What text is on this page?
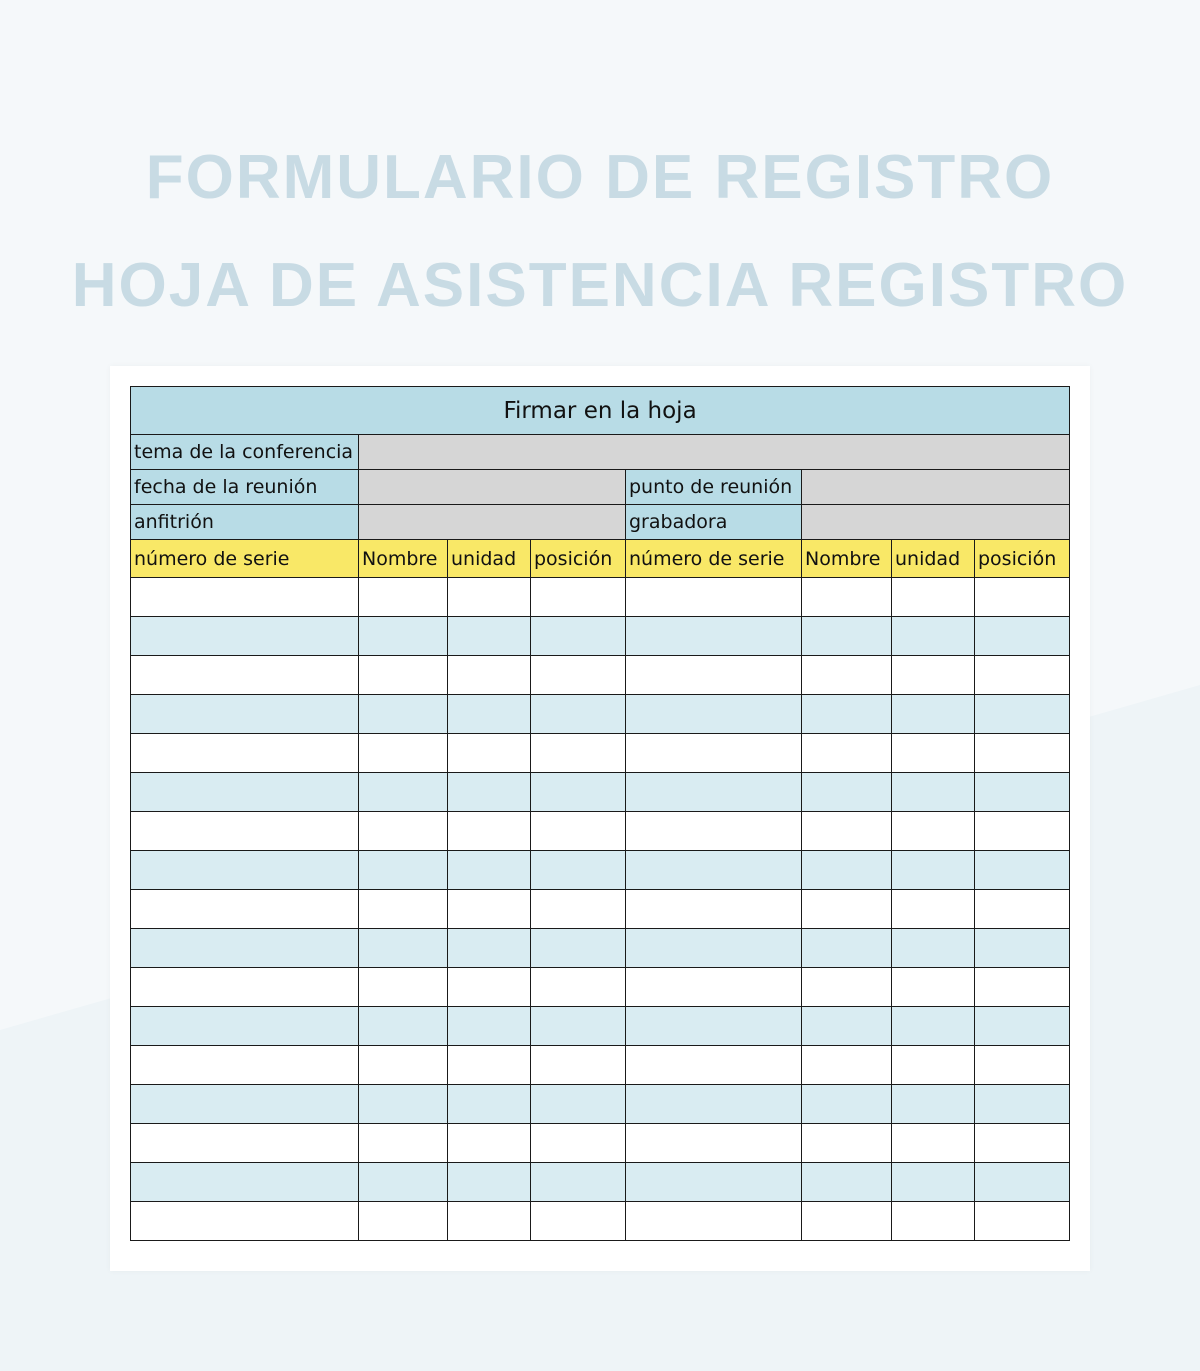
FORMULARIO DE REGISTRO
HOJA DE ASISTENCIA REGISTRO
Firmar en la hoja							
tema de la conferencia							
fecha de la reunión				punto de reunión			
anfitrión				grabadora			
número de serie	Nombre	unidad	posición	número de serie	Nombre	unidad	posición
